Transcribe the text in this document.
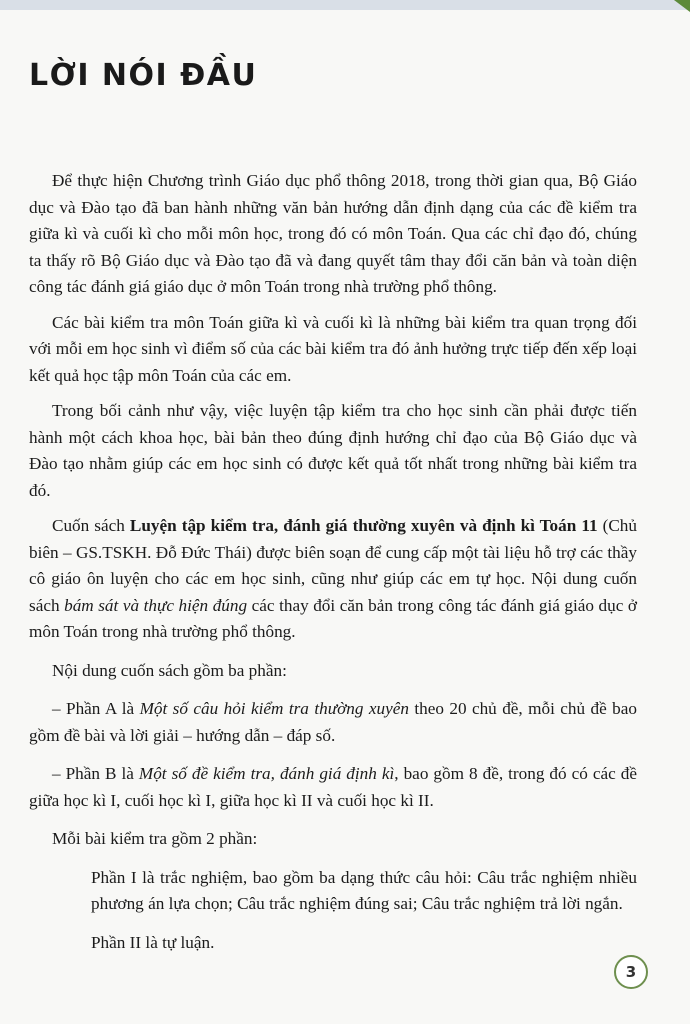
LỜI NÓI ĐẦU

Để thực hiện Chương trình Giáo dục phổ thông 2018, trong thời gian qua, Bộ Giáo dục và Đào tạo đã ban hành những văn bản hướng dẫn định dạng của các đề kiểm tra giữa kì và cuối kì cho mỗi môn học, trong đó có môn Toán. Qua các chỉ đạo đó, chúng ta thấy rõ Bộ Giáo dục và Đào tạo đã và đang quyết tâm thay đổi căn bản và toàn diện công tác đánh giá giáo dục ở môn Toán trong nhà trường phổ thông.

Các bài kiểm tra môn Toán giữa kì và cuối kì là những bài kiểm tra quan trọng đối với mỗi em học sinh vì điểm số của các bài kiểm tra đó ảnh hưởng trực tiếp đến xếp loại kết quả học tập môn Toán của các em.

Trong bối cảnh như vậy, việc luyện tập kiểm tra cho học sinh cần phải được tiến hành một cách khoa học, bài bản theo đúng định hướng chỉ đạo của Bộ Giáo dục và Đào tạo nhằm giúp các em học sinh có được kết quả tốt nhất trong những bài kiểm tra đó.

Cuốn sách Luyện tập kiểm tra, đánh giá thường xuyên và định kì Toán 11 (Chủ biên – GS.TSKH. Đỗ Đức Thái) được biên soạn để cung cấp một tài liệu hỗ trợ các thầy cô giáo ôn luyện cho các em học sinh, cũng như giúp các em tự học. Nội dung cuốn sách bám sát và thực hiện đúng các thay đổi căn bản trong công tác đánh giá giáo dục ở môn Toán trong nhà trường phổ thông.

Nội dung cuốn sách gồm ba phần:

– Phần A là Một số câu hỏi kiểm tra thường xuyên theo 20 chủ đề, mỗi chủ đề bao gồm đề bài và lời giải – hướng dẫn – đáp số.

– Phần B là Một số đề kiểm tra, đánh giá định kì, bao gồm 8 đề, trong đó có các đề giữa học kì I, cuối học kì I, giữa học kì II và cuối học kì II.

Mỗi bài kiểm tra gồm 2 phần:

Phần I là trắc nghiệm, bao gồm ba dạng thức câu hỏi: Câu trắc nghiệm nhiều phương án lựa chọn; Câu trắc nghiệm đúng sai; Câu trắc nghiệm trả lời ngắn.

Phần II là tự luận.

3
